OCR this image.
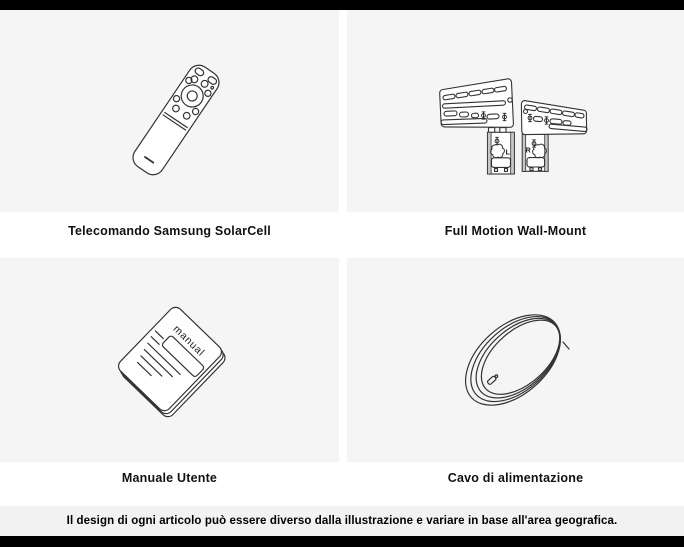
L R
Telecomando Samsung SolarCell	Full Motion Wall-Mount
manual
Manuale Utente	Cavo di alimentazione
Il design di ogni articolo può essere diverso dalla illustrazione e variare in base all'area geografica.
